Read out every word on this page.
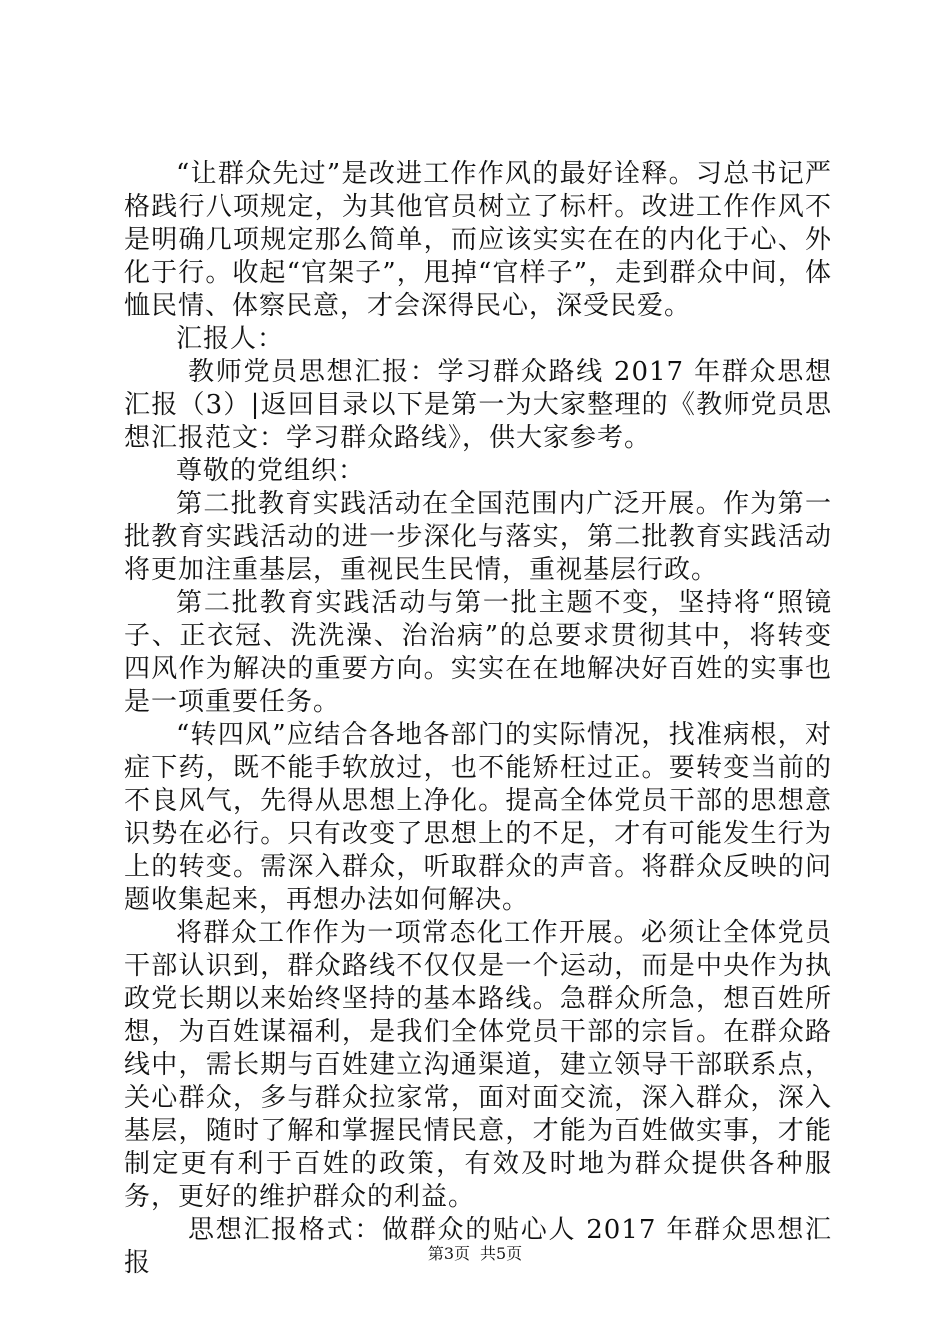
“让群众先过”是改进工作作风的最好诠释。习总书记严格践行八项规定，为其他官员树立了标杆。改进工作作风不是明确几项规定那么简单，而应该实实在在的内化于心、外化于行。收起“官架子”，甩掉“官样子”，走到群众中间，体恤民情、体察民意，才会深得民心，深受民爱。

汇报人：

教师党员思想汇报：学习群众路线 2017 年群众思想汇报（3）|返回目录以下是第一为大家整理的《教师党员思想汇报范文：学习群众路线》，供大家参考。

尊敬的党组织：

第二批教育实践活动在全国范围内广泛开展。作为第一批教育实践活动的进一步深化与落实，第二批教育实践活动将更加注重基层，重视民生民情，重视基层行政。

第二批教育实践活动与第一批主题不变，坚持将“照镜子、正衣冠、洗洗澡、治治病”的总要求贯彻其中，将转变四风作为解决的重要方向。实实在在地解决好百姓的实事也是一项重要任务。

“转四风”应结合各地各部门的实际情况，找准病根，对症下药，既不能手软放过，也不能矫枉过正。要转变当前的不良风气，先得从思想上净化。提高全体党员干部的思想意识势在必行。只有改变了思想上的不足，才有可能发生行为上的转变。需深入群众，听取群众的声音。将群众反映的问题收集起来，再想办法如何解决。

将群众工作作为一项常态化工作开展。必须让全体党员干部认识到，群众路线不仅仅是一个运动，而是中央作为执政党长期以来始终坚持的基本路线。急群众所急，想百姓所想，为百姓谋福利，是我们全体党员干部的宗旨。在群众路线中，需长期与百姓建立沟通渠道，建立领导干部联系点，关心群众，多与群众拉家常，面对面交流，深入群众，深入基层，随时了解和掌握民情民意，才能为百姓做实事，才能制定更有利于百姓的政策，有效及时地为群众提供各种服务，更好的维护群众的利益。

思想汇报格式：做群众的贴心人 2017 年群众思想汇报	第3页 共5页
